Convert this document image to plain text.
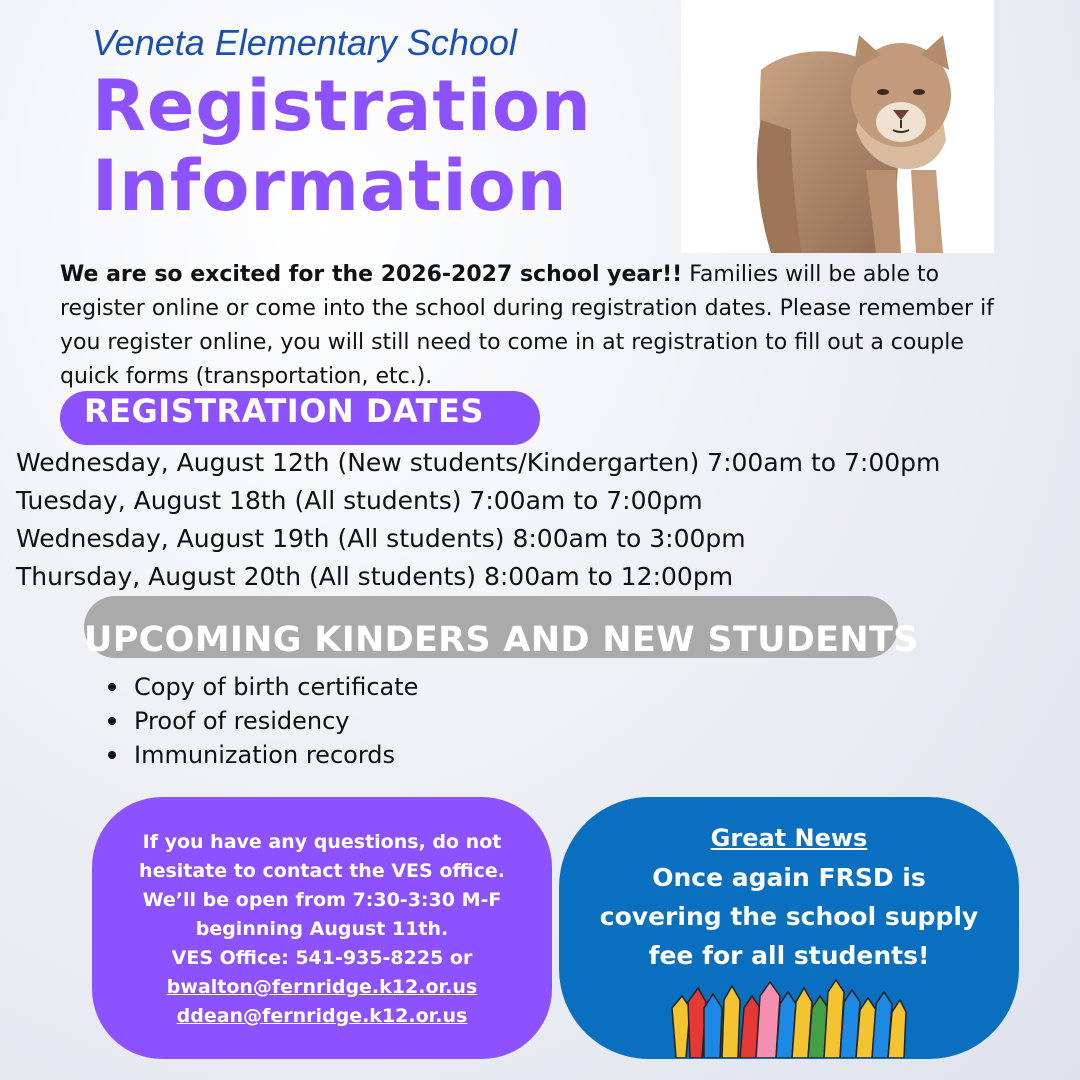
Veneta Elementary School
Registration
Information
We are so excited for the 2026-2027 school year!! Families will be able to register online or come into the school during registration dates. Please remember if you register online, you will still need to come in at registration to fill out a couple quick forms (transportation, etc.).
REGISTRATION DATES
Wednesday, August 12th (New students/Kindergarten) 7:00am to 7:00pm
Tuesday, August 18th (All students) 7:00am to 7:00pm
Wednesday, August 19th (All students) 8:00am to 3:00pm
Thursday, August 20th (All students) 8:00am to 12:00pm
UPCOMING KINDERS AND NEW STUDENTS
Copy of birth certificate
Proof of residency
Immunization records
If you have any questions, do not
hesitate to contact the VES office.
We’ll be open from 7:30-3:30 M-F
beginning August 11th.
VES Office: 541-935-8225 or
bwalton@fernridge.k12.or.us
ddean@fernridge.k12.or.us
Great News
Once again FRSD is
covering the school supply
fee for all students!
